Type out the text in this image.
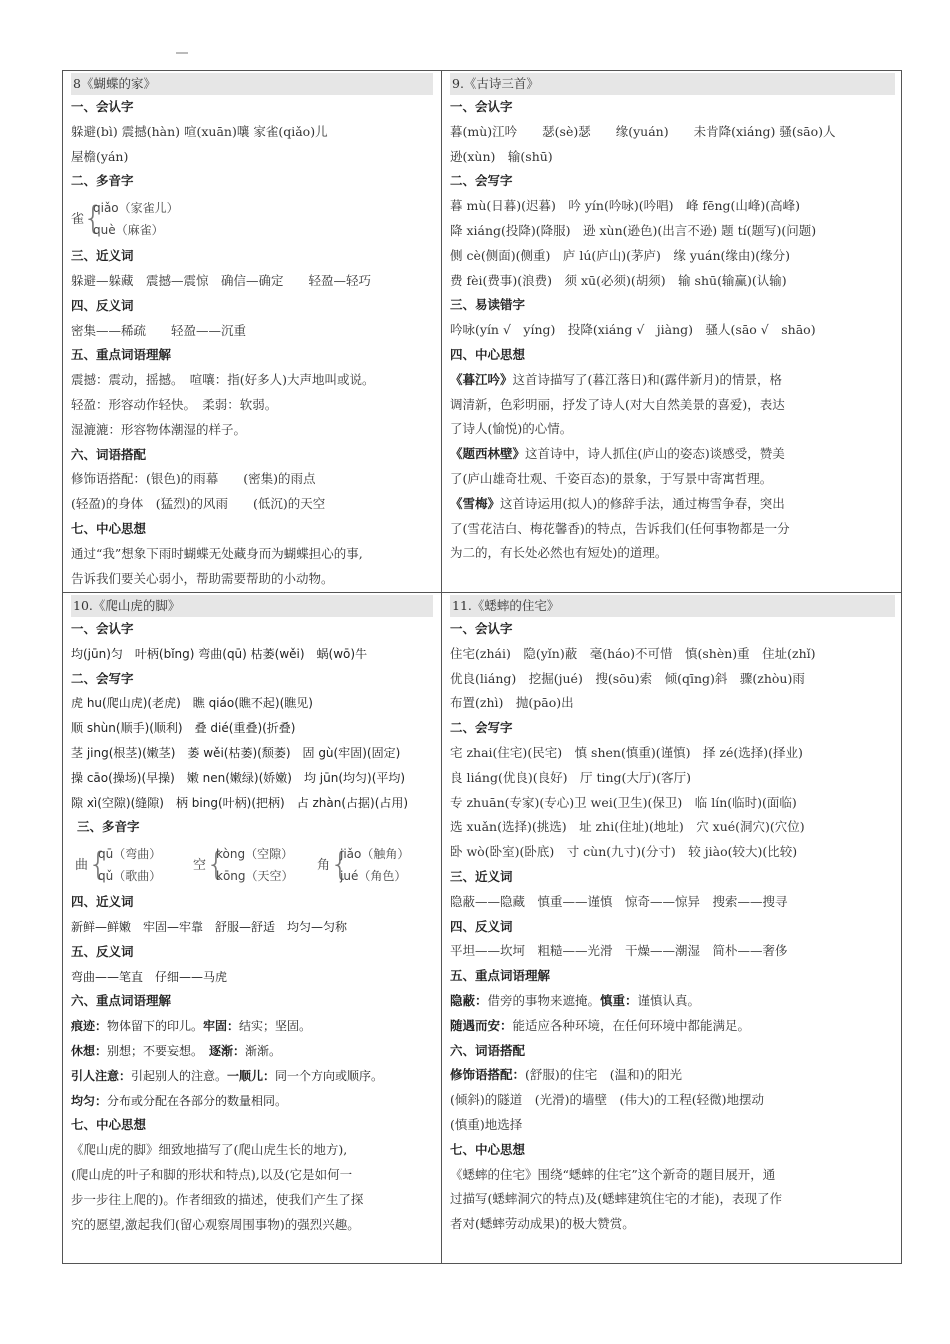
8《蝴蝶的家》
一、会认字
躲避(bì) 震撼(hàn) 喧(xuān)嚷 家雀(qiǎo)儿
屋檐(yán)
二、多音字
雀
{
qiǎo（家雀儿）
què（麻雀）
三、近义词
躲避—躲藏　震撼—震惊　确信—确定　　轻盈—轻巧
四、反义词
密集——稀疏　　轻盈——沉重
五、重点词语理解
震撼：震动，摇撼。　喧嚷：指(好多人)大声地叫或说。
轻盈：形容动作轻快。　柔弱：软弱。
湿漉漉：形容物体潮湿的样子。
六、词语搭配
修饰语搭配：(银色)的雨幕　　(密集)的雨点
(轻盈)的身体　(猛烈)的风雨　　(低沉)的天空
七、中心思想
通过“我”想象下雨时蝴蝶无处藏身而为蝴蝶担心的事,
告诉我们要关心弱小，帮助需要帮助的小动物。
9.《古诗三首》
一、会认字
暮(mù)江吟　　瑟(sè)瑟　　缘(yuán)　　未肯降(xiáng) 骚(sāo)人
逊(xùn)　输(shū)
二、会写字
暮 mù(日暮)(迟暮)　吟 yín(吟咏)(吟唱)　峰 fēng(山峰)(高峰)
降 xiáng(投降)(降服)　逊 xùn(逊色)(出言不逊) 题 tí(题写)(问题)
侧 cè(侧面)(侧重)　庐 lú(庐山)(茅庐)　缘 yuán(缘由)(缘分)
费 fèi(费事)(浪费)　须 xū(必须)(胡须)　输 shū(输赢)(认输)
三、易读错字
吟咏(yín √　yíng)　投降(xiáng √　jiàng)　骚人(sāo √　shāo)
四、中心思想
《暮江吟》这首诗描写了(暮江落日)和(露伴新月)的情景，格
调清新，色彩明丽，抒发了诗人(对大自然美景的喜爱)，表达
了诗人(愉悦)的心情。
《题西林壁》这首诗中，诗人抓住(庐山的姿态)谈感受，赞美
了(庐山雄奇壮观、千姿百态)的景象，于写景中寄寓哲理。
《雪梅》这首诗运用(拟人)的修辞手法，通过梅雪争春，突出
了(雪花洁白、梅花馨香)的特点，告诉我们(任何事物都是一分
为二的，有长处必然也有短处)的道理。
10.《爬山虎的脚》
一、会认字
均(jūn)匀　叶柄(bǐng) 弯曲(qū) 枯萎(wěi)　蜗(wō)牛
二、会写字
虎 hu(爬山虎)(老虎)　瞧 qiáo(瞧不起)(瞧见)
顺 shùn(顺手)(顺利)　叠 dié(重叠)(折叠)
茎 jing(根茎)(嫩茎)　萎 wěi(枯萎)(颓萎)　固 gù(牢固)(固定)
操 cāo(操场)(早操)　嫩 nen(嫩绿)(娇嫩)　均 jūn(均匀)(平均)
隙 xì(空隙)(缝隙)　柄 bing(叶柄)(把柄)　占 zhàn(占据)(占用)
三、多音字
曲 {
qū（弯曲）
qǔ（歌曲）
空 {
kòng（空隙）
kōng（天空）
角 {
jiǎo（触角）
jué（角色）
四、近义词
新鲜—鲜嫩　牢固—牢靠　舒服—舒适　均匀—匀称
五、反义词
弯曲——笔直　仔细——马虎
六、重点词语理解
痕迹：物体留下的印儿。牢固：结实；坚固。
休想：别想；不要妄想。　逐渐：渐渐。
引人注意：引起别人的注意。一顺儿：同一个方向或顺序。
均匀：分布或分配在各部分的数量相同。
七、中心思想
《爬山虎的脚》细致地描写了(爬山虎生长的地方),
(爬山虎的叶子和脚的形状和特点),以及(它是如何一
步一步往上爬的)。作者细致的描述，使我们产生了探
究的愿望,激起我们(留心观察周围事物)的强烈兴趣。
11.《蟋蟀的住宅》
一、会认字
住宅(zhái)　隐(yǐn)蔽　毫(háo)不可惜　慎(shèn)重　住址(zhǐ)
优良(liáng)　挖掘(jué)　搜(sōu)索　倾(qīng)斜　骤(zhòu)雨
布置(zhì)　抛(pāo)出
二、会写字
宅 zhai(住宅)(民宅)　慎 shen(慎重)(谨慎)　择 zé(选择)(择业)
良 liáng(优良)(良好)　厅 ting(大厅)(客厅)
专 zhuān(专家)(专心)卫 wei(卫生)(保卫)　临 lín(临时)(面临)
选 xuǎn(选择)(挑选)　址 zhi(住址)(地址)　穴 xué(洞穴)(穴位)
卧 wò(卧室)(卧底)　寸 cùn(九寸)(分寸)　较 jiào(较大)(比较)
三、近义词
隐蔽——隐藏　慎重——谨慎　惊奇——惊异　搜索——搜寻
四、反义词
平坦——坎坷　粗糙——光滑　干燥——潮湿　简朴——奢侈
五、重点词语理解
隐蔽：借旁的事物来遮掩。慎重：谨慎认真。
随遇而安：能适应各种环境，在任何环境中都能满足。
六、词语搭配
修饰语搭配：(舒服)的住宅　(温和)的阳光
(倾斜)的隧道　(光滑)的墙壁　(伟大)的工程(轻微)地摆动
(慎重)地选择
七、中心思想
《蟋蟀的住宅》围绕“蟋蟀的住宅”这个新奇的题目展开，通
过描写(蟋蟀洞穴的特点)及(蟋蟀建筑住宅的才能)，表现了作
者对(蟋蟀劳动成果)的极大赞赏。
